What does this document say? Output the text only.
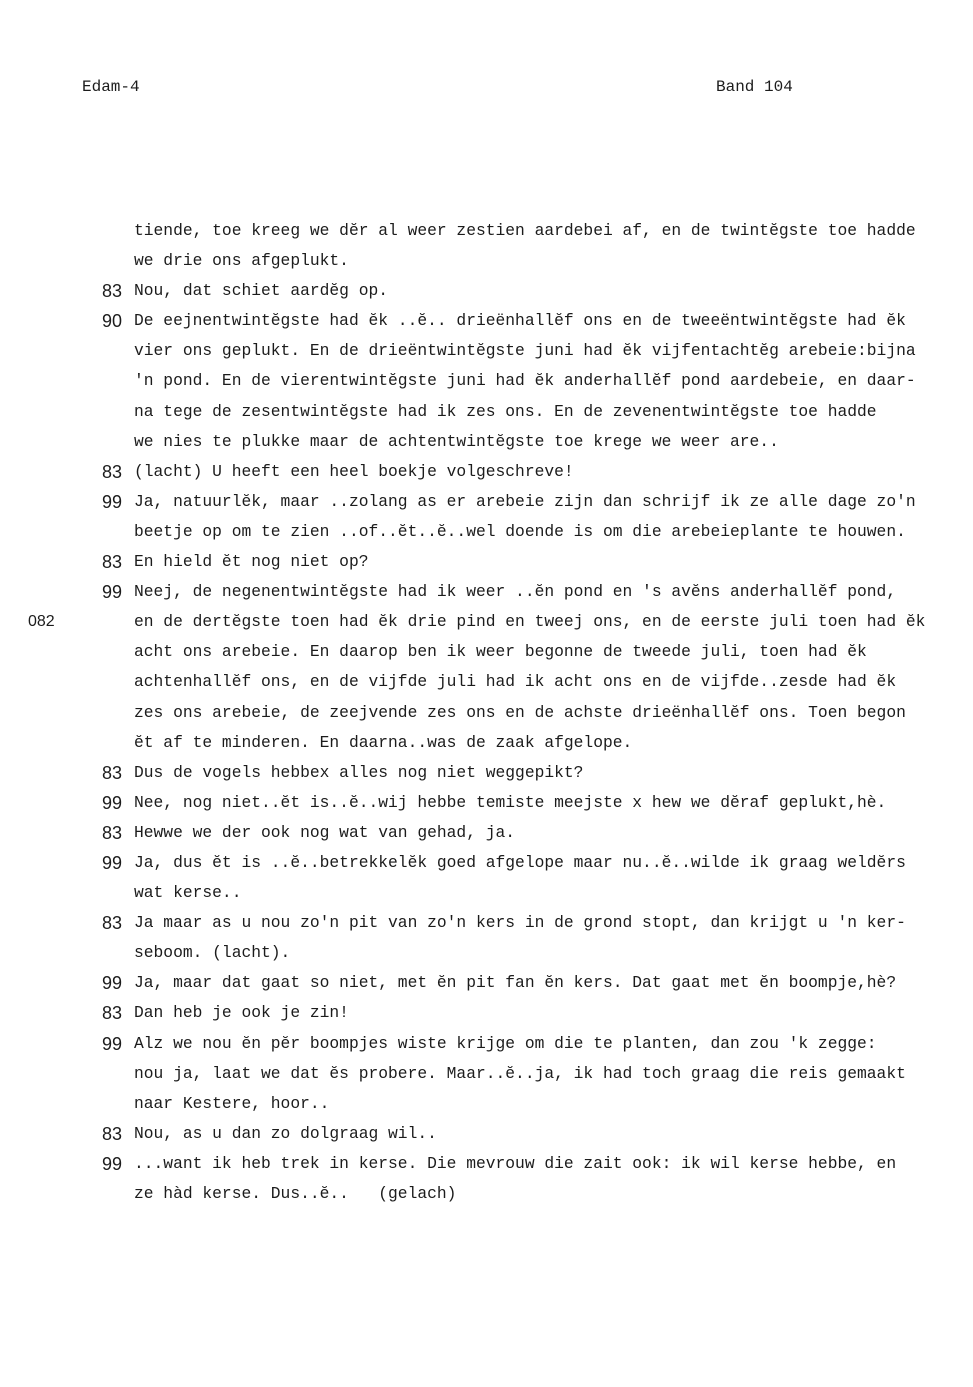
Edam-4	Band 104
tiende, toe kreeg we dĕr al weer zestien aardebei af, en de twintĕgste toe hadde
we drie ons afgeplukt.
83 Nou, dat schiet aardĕg op.
90 De eejnentwintĕgste had ĕk ..ĕ.. drieënhallĕf ons en de tweeëntwintĕgste had ĕk
vier ons geplukt. En de drieëntwintĕgste juni had ĕk vijfentachtĕg arebeie:bijna
'n pond. En de vierentwintĕgste juni had ĕk anderhallĕf pond aardebeie, en daar-
na tege de zesentwintĕgste had ik zes ons. En de zevenentwintĕgste toe hadde
we nies te plukke maar de achtentwintĕgste toe krege we weer are..
83 (lacht) U heeft een heel boekje volgeschreve!
99 Ja, natuurlĕk, maar ..zolang as er arebeie zijn dan schrijf ik ze alle dage zo'n
beetje op om te zien ..of..ĕt..ĕ..wel doende is om die arebeieplante te houwen.
83 En hield ĕt nog niet op?
99 Neej, de negenentwintĕgste had ik weer ..ĕn pond en 's avĕns anderhallĕf pond,
082	en de dertĕgste toen had ĕk drie pind en tweej ons, en de eerste juli toen had ĕk
acht ons arebeie. En daarop ben ik weer begonne de tweede juli, toen had ĕk
achtenhallĕf ons, en de vijfde juli had ik acht ons en de vijfde..zesde had ĕk
zes ons arebeie, de zeejvende zes ons en de achste drieënhallĕf ons. Toen begon
ĕt af te minderen. En daarna..was de zaak afgelope.
83 Dus de vogels hebbex alles nog niet weggepikt?
99 Nee, nog niet..ĕt is..ĕ..wij hebbe temiste meejste x hew we dĕraf geplukt,hè.
83 Hewwe we der ook nog wat van gehad, ja.
99 Ja, dus ĕt is ..ĕ..betrekkelĕk goed afgelope maar nu..ĕ..wilde ik graag weldĕrs
wat kerse..
83 Ja maar as u nou zo'n pit van zo'n kers in de grond stopt, dan krijgt u 'n ker-
seboom. (lacht).
99 Ja, maar dat gaat so niet, met ĕn pit fan ĕn kers. Dat gaat met ĕn boompje,hè?
83 Dan heb je ook je zin!
99 Alz we nou ĕn pĕr boompjes wiste krijge om die te planten, dan zou 'k zegge:
nou ja, laat we dat ĕs probere. Maar..ĕ..ja, ik had toch graag die reis gemaakt
naar Kestere, hoor..
83 Nou, as u dan zo dolgraag wil..
99 ...want ik heb trek in kerse. Die mevrouw die zait ook: ik wil kerse hebbe, en
ze hàd kerse. Dus..ĕ..   (gelach)
